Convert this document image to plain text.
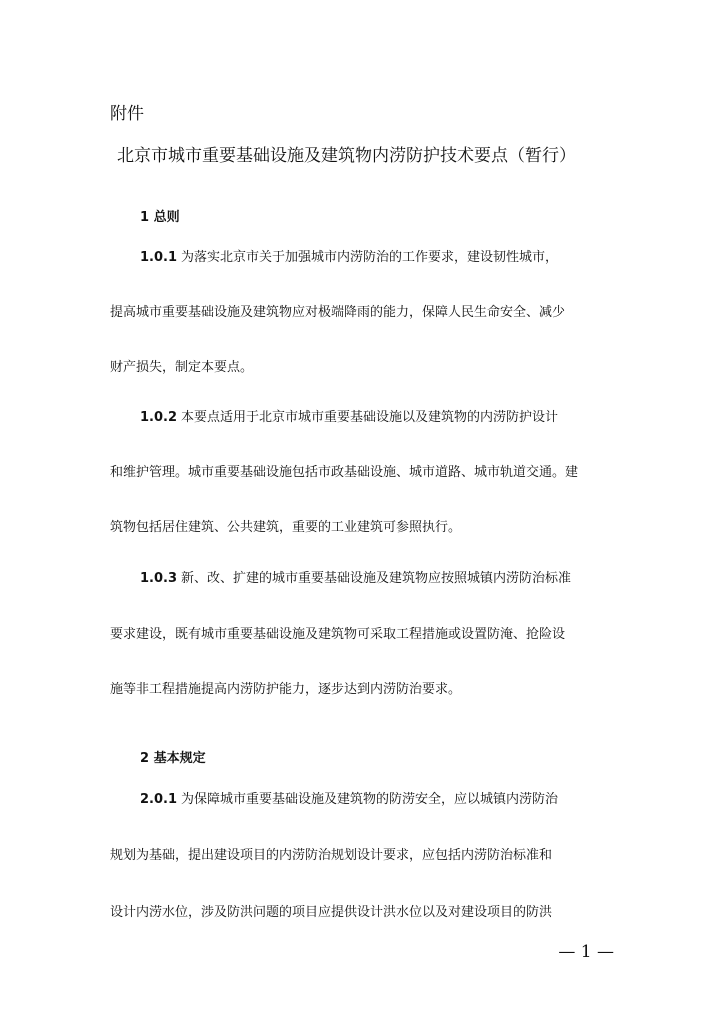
附件
北京市城市重要基础设施及建筑物内涝防护技术要点（暂行）
1 总则
1.0.1 为落实北京市关于加强城市内涝防治的工作要求，建设韧性城市，
提高城市重要基础设施及建筑物应对极端降雨的能力，保障人民生命安全、减少
财产损失，制定本要点。
1.0.2 本要点适用于北京市城市重要基础设施以及建筑物的内涝防护设计
和维护管理。城市重要基础设施包括市政基础设施、城市道路、城市轨道交通。建
筑物包括居住建筑、公共建筑，重要的工业建筑可参照执行。
1.0.3 新、改、扩建的城市重要基础设施及建筑物应按照城镇内涝防治标准
要求建设，既有城市重要基础设施及建筑物可采取工程措施或设置防淹、抢险设
施等非工程措施提高内涝防护能力，逐步达到内涝防治要求。
2 基本规定
2.0.1 为保障城市重要基础设施及建筑物的防涝安全，应以城镇内涝防治
规划为基础，提出建设项目的内涝防治规划设计要求，应包括内涝防治标准和
设计内涝水位，涉及防洪问题的项目应提供设计洪水位以及对建设项目的防洪
— 1 —
